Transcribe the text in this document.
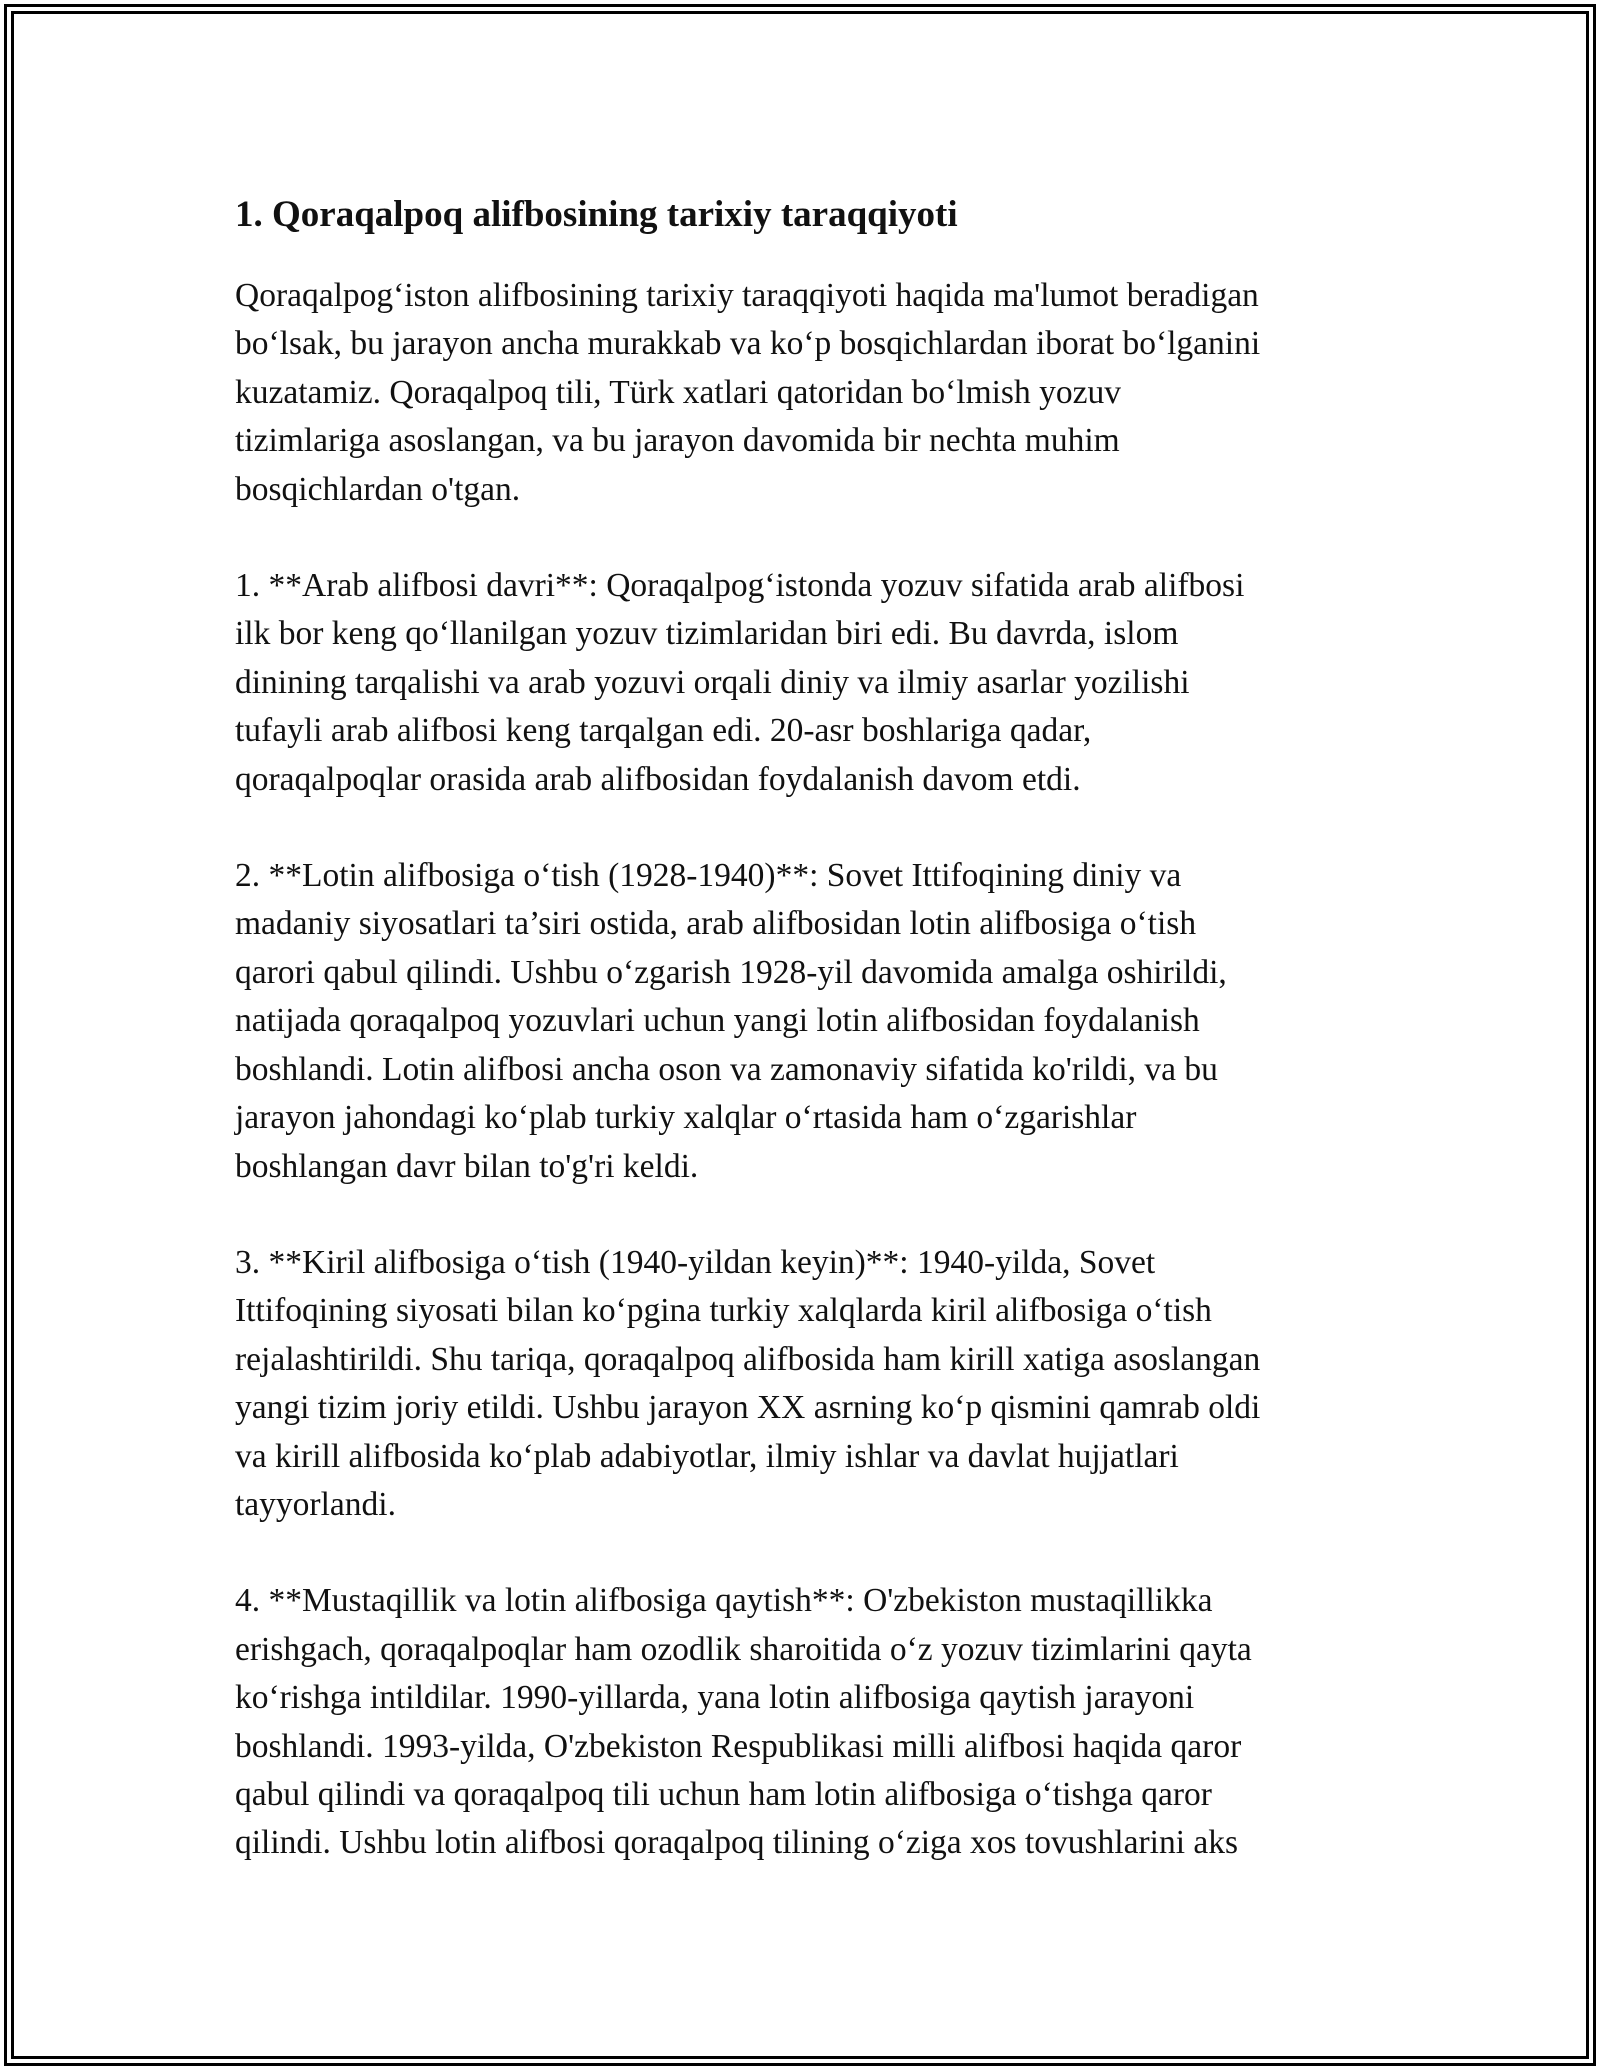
1. Qoraqalpoq alifbosining tarixiy taraqqiyoti

Qoraqalpog‘iston alifbosining tarixiy taraqqiyoti haqida ma'lumot beradigan
bo‘lsak, bu jarayon ancha murakkab va ko‘p bosqichlardan iborat bo‘lganini
kuzatamiz. Qoraqalpoq tili, Türk xatlari qatoridan bo‘lmish yozuv
tizimlariga asoslangan, va bu jarayon davomida bir nechta muhim
bosqichlardan o'tgan.

1. **Arab alifbosi davri**: Qoraqalpog‘istonda yozuv sifatida arab alifbosi
ilk bor keng qo‘llanilgan yozuv tizimlaridan biri edi. Bu davrda, islom
dinining tarqalishi va arab yozuvi orqali diniy va ilmiy asarlar yozilishi
tufayli arab alifbosi keng tarqalgan edi. 20-asr boshlariga qadar,
qoraqalpoqlar orasida arab alifbosidan foydalanish davom etdi.

2. **Lotin alifbosiga o‘tish (1928-1940)**: Sovet Ittifoqining diniy va
madaniy siyosatlari ta’siri ostida, arab alifbosidan lotin alifbosiga o‘tish
qarori qabul qilindi. Ushbu o‘zgarish 1928-yil davomida amalga oshirildi,
natijada qoraqalpoq yozuvlari uchun yangi lotin alifbosidan foydalanish
boshlandi. Lotin alifbosi ancha oson va zamonaviy sifatida ko'rildi, va bu
jarayon jahondagi ko‘plab turkiy xalqlar o‘rtasida ham o‘zgarishlar
boshlangan davr bilan to'g'ri keldi.

3. **Kiril alifbosiga o‘tish (1940-yildan keyin)**: 1940-yilda, Sovet
Ittifoqining siyosati bilan ko‘pgina turkiy xalqlarda kiril alifbosiga o‘tish
rejalashtirildi. Shu tariqa, qoraqalpoq alifbosida ham kirill xatiga asoslangan
yangi tizim joriy etildi. Ushbu jarayon XX asrning ko‘p qismini qamrab oldi
va kirill alifbosida ko‘plab adabiyotlar, ilmiy ishlar va davlat hujjatlari
tayyorlandi.

4. **Mustaqillik va lotin alifbosiga qaytish**: O'zbekiston mustaqillikka
erishgach, qoraqalpoqlar ham ozodlik sharoitida o‘z yozuv tizimlarini qayta
ko‘rishga intildilar. 1990-yillarda, yana lotin alifbosiga qaytish jarayoni
boshlandi. 1993-yilda, O'zbekiston Respublikasi milli alifbosi haqida qaror
qabul qilindi va qoraqalpoq tili uchun ham lotin alifbosiga o‘tishga qaror
qilindi. Ushbu lotin alifbosi qoraqalpoq tilining o‘ziga xos tovushlarini aks
